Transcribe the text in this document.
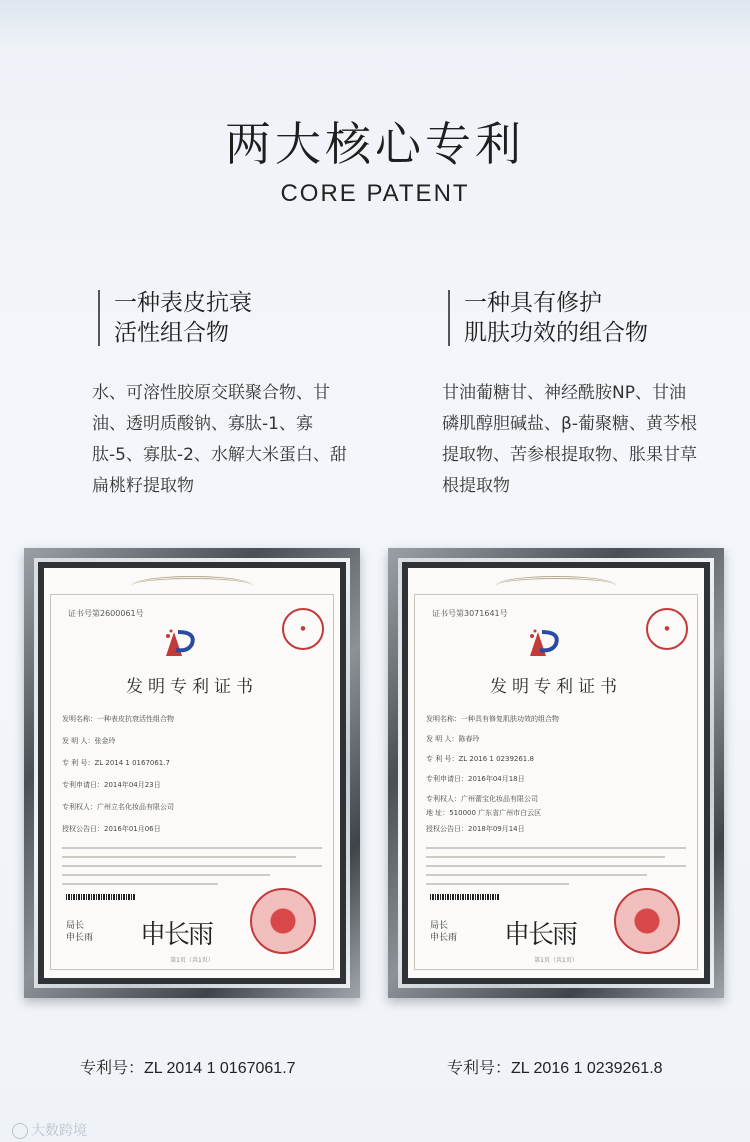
两大核心专利
CORE PATENT
一种表皮抗衰
活性组合物
水、可溶性胶原交联聚合物、甘油、透明质酸钠、寡肽-1、寡肽-5、寡肽-2、水解大米蛋白、甜扁桃籽提取物
一种具有修护
肌肤功效的组合物
甘油葡糖甘、神经酰胺NP、甘油磷肌醇胆碱盐、β-葡聚糖、黄芩根提取物、苦参根提取物、胀果甘草根提取物
证书号第2600061号
●
发明专利证书
发明名称：一种表皮抗衰活性组合物
发 明 人：张金玲
专 利 号：ZL 2014 1 0167061.7
专利申请日：2014年04月23日
专利权人：广州立名化妆品有限公司
授权公告日：2016年01月06日
局长
申长雨 申长雨
第1页（共1页）
证书号第3071641号
●
发明专利证书
发明名称：一种具有修复肌肤功效的组合物
发 明 人：陈春玲
专 利 号：ZL 2016 1 0239261.8
专利申请日：2016年04月18日
专利权人：广州蕾宝化妆品有限公司
地 址：510000 广东省广州市白云区
授权公告日：2018年09月14日
局长
申长雨 申长雨
第1页（共1页）
专利号：ZL 2014 1 0167061.7	专利号：ZL 2016 1 0239261.8
大数跨境
